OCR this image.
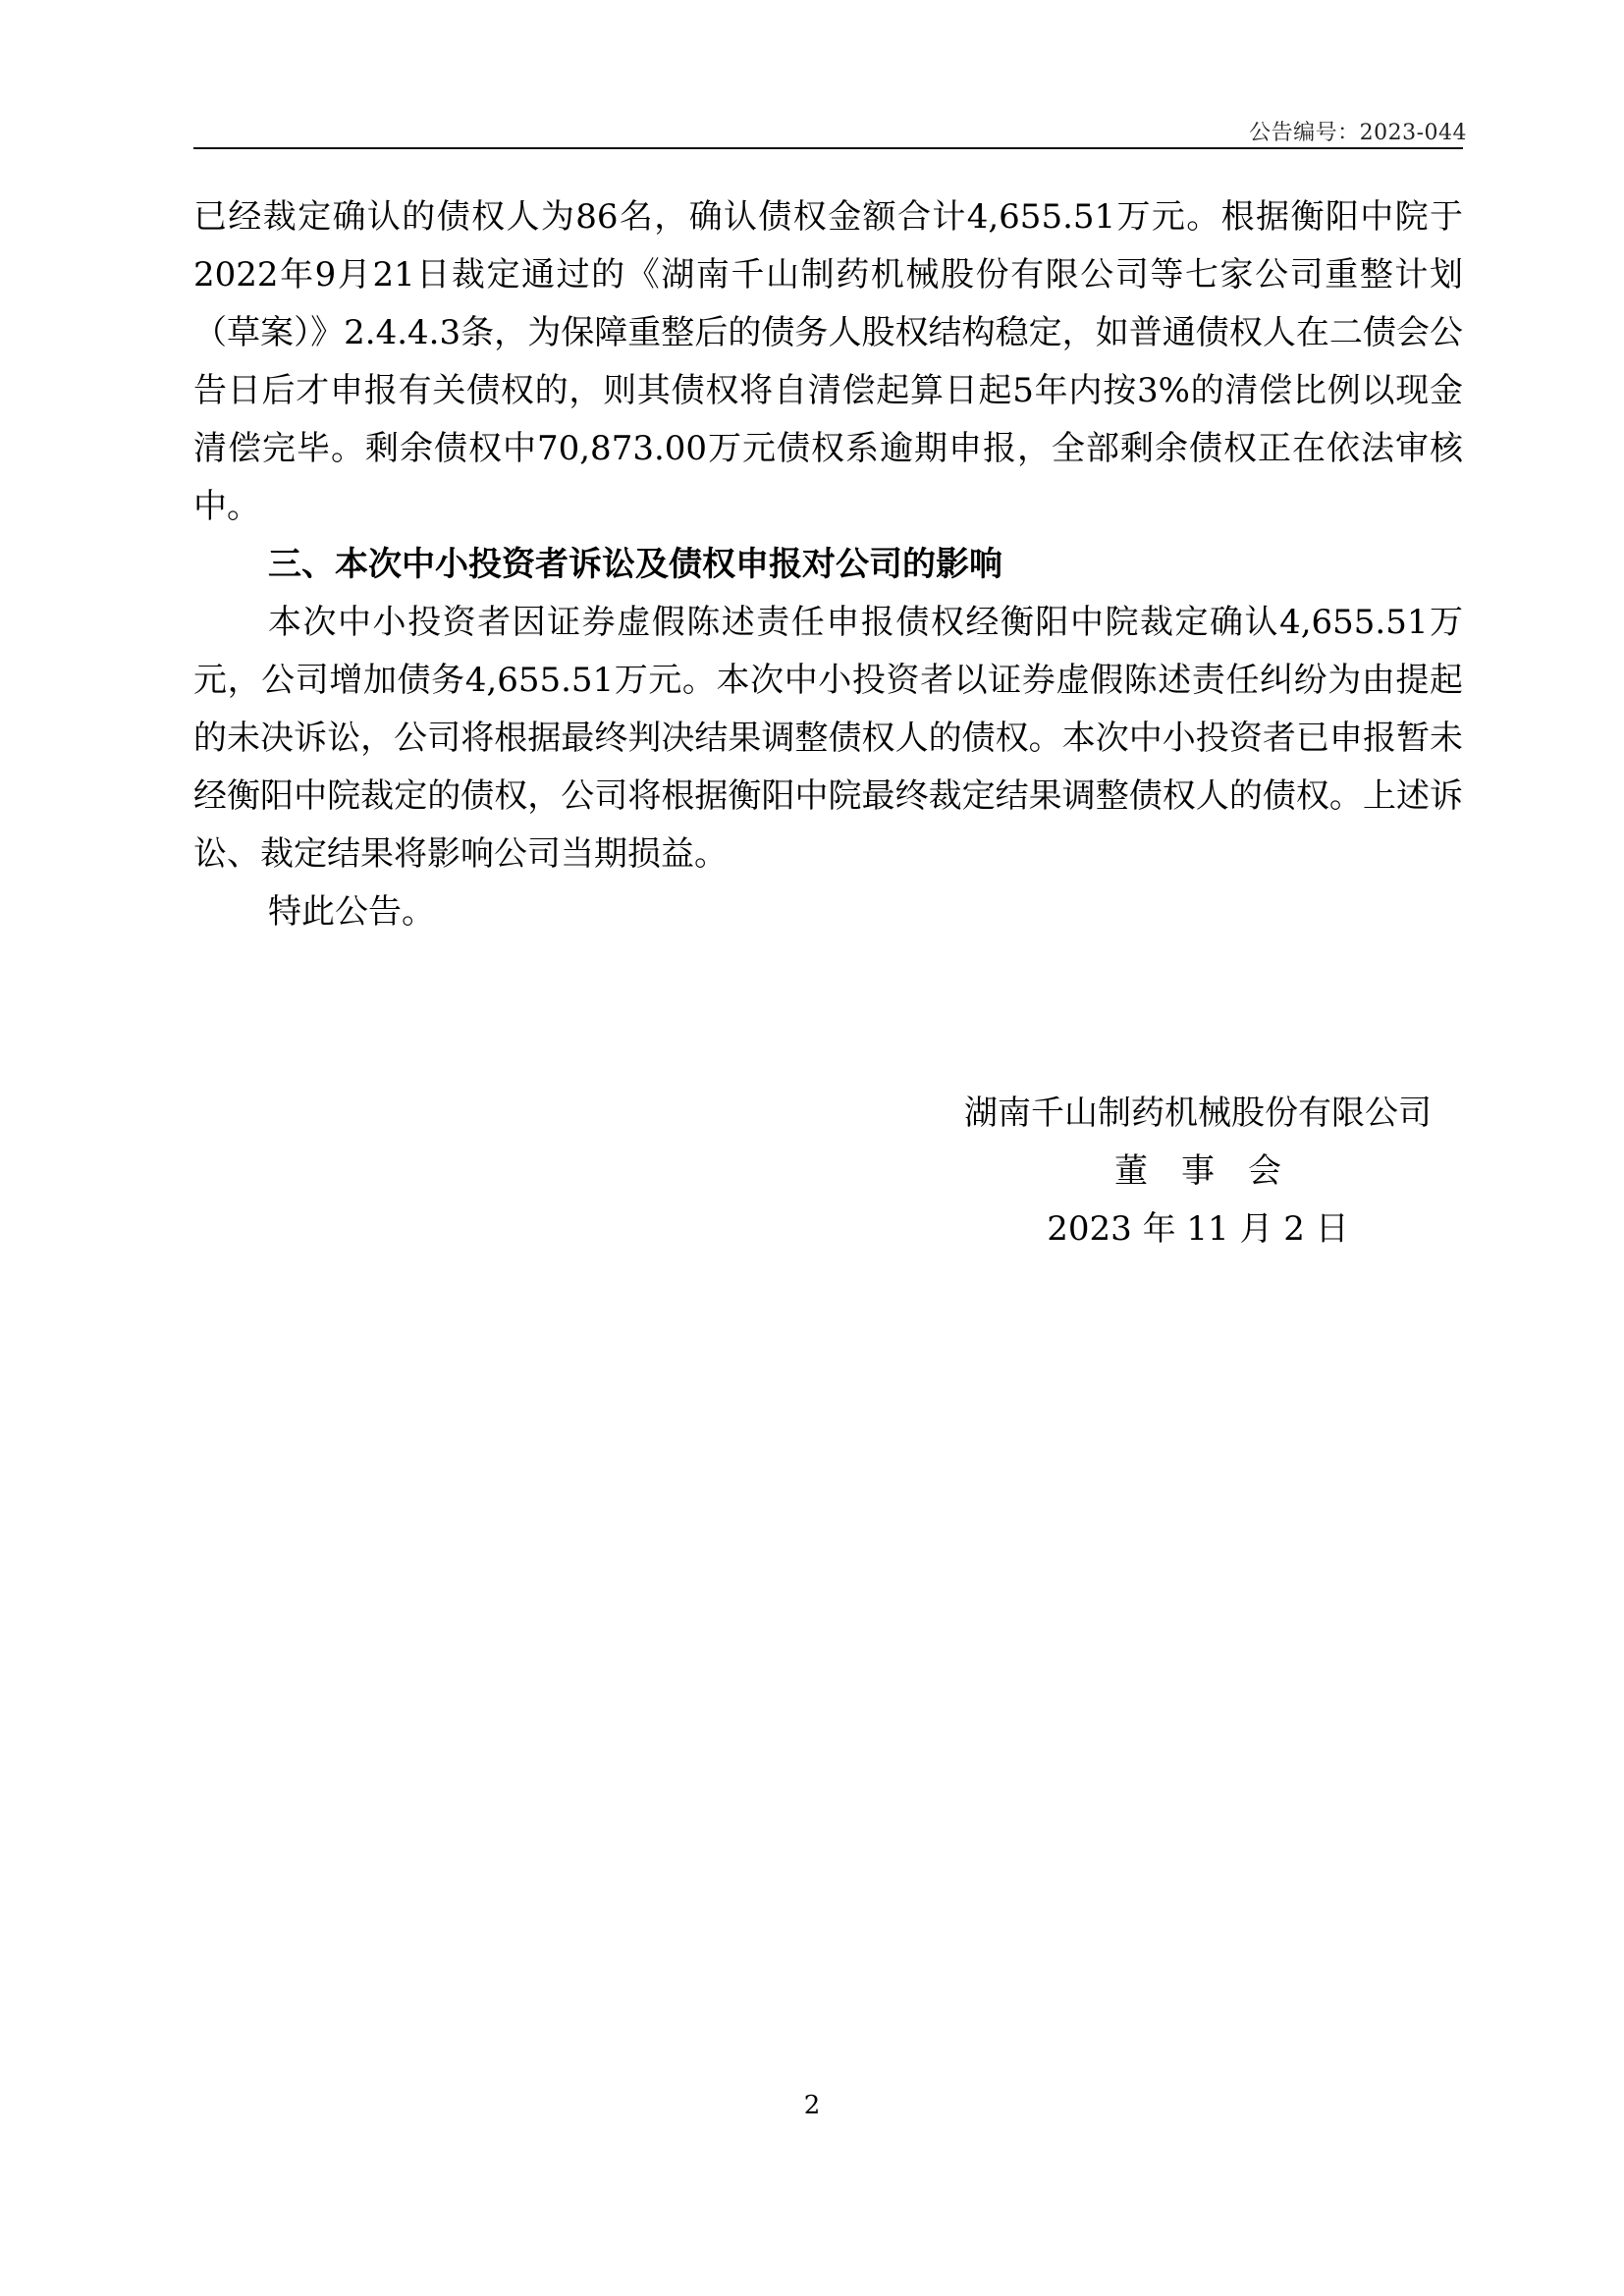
公告编号：2023-044

已经裁定确认的债权人为86名，确认债权金额合计4,655.51万元。根据衡阳中院于2022年9月21日裁定通过的《湖南千山制药机械股份有限公司等七家公司重整计划（草案）》2.4.4.3条，为保障重整后的债务人股权结构稳定，如普通债权人在二债会公告日后才申报有关债权的，则其债权将自清偿起算日起5年内按3%的清偿比例以现金清偿完毕。剩余债权中70,873.00万元债权系逾期申报，全部剩余债权正在依法审核中。

三、本次中小投资者诉讼及债权申报对公司的影响

本次中小投资者因证券虚假陈述责任申报债权经衡阳中院裁定确认4,655.51万元，公司增加债务4,655.51万元。本次中小投资者以证券虚假陈述责任纠纷为由提起的未决诉讼，公司将根据最终判决结果调整债权人的债权。本次中小投资者已申报暂未经衡阳中院裁定的债权，公司将根据衡阳中院最终裁定结果调整债权人的债权。上述诉讼、裁定结果将影响公司当期损益。

特此公告。

湖南千山制药机械股份有限公司
董事会
2023 年 11 月 2 日
2
